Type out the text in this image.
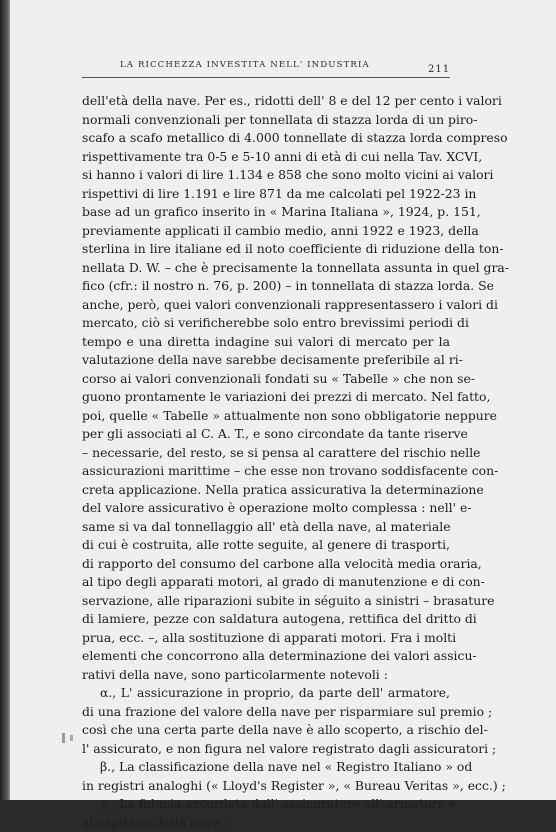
LA RICCHEZZA INVESTITA NELL' INDUSTRIA	211
dell'età della nave. Per es., ridotti dell' 8 e del 12 per cento i valori
normali convenzionali per tonnellata di stazza lorda di un piro-
scafo a scafo metallico di 4.000 tonnellate di stazza lorda compreso
rispettivamente tra 0-5 e 5-10 anni di età di cui nella Tav. XCVI,
si hanno i valori di lire 1.134 e 858 che sono molto vicini ai valori
rispettivi di lire 1.191 e lire 871 da me calcolati pel 1922-23 in
base ad un grafico inserito in « Marina Italiana », 1924, p. 151,
previamente applicati il cambio medio, anni 1922 e 1923, della
sterlina in lire italiane ed il noto coefficiente di riduzione della ton-
nellata D. W. – che è precisamente la tonnellata assunta in quel gra-
fico (cfr.: il nostro n. 76, p. 200) – in tonnellata di stazza lorda. Se
anche, però, quei valori convenzionali rappresentassero i valori di
mercato, ciò si verificherebbe solo entro brevissimi periodi di
tempo e una diretta indagine sui valori di mercato per la
valutazione della nave sarebbe decisamente preferibile al ri-
corso ai valori convenzionali fondati su « Tabelle » che non se-
guono prontamente le variazioni dei prezzi di mercato. Nel fatto,
poi, quelle « Tabelle » attualmente non sono obbligatorie neppure
per gli associati al C. A. T., e sono circondate da tante riserve
– necessarie, del resto, se si pensa al carattere del rischio nelle
assicurazioni marittime – che esse non trovano soddisfacente con-
creta applicazione. Nella pratica assicurativa la determinazione
del valore assicurativo è operazione molto complessa : nell' e-
same si va dal tonnellaggio all' età della nave, al materiale
di cui è costruita, alle rotte seguite, al genere di trasporti,
di rapporto del consumo del carbone alla velocità media oraria,
al tipo degli apparati motori, al grado di manutenzione e di con-
servazione, alle riparazioni subite in séguito a sinistri – brasature
di lamiere, pezze con saldatura autogena, rettifica del dritto di
prua, ecc. –, alla sostituzione di apparati motori. Fra i molti
elementi che concorrono alla determinazione dei valori assicu-
rativi della nave, sono particolarmente notevoli :
α., L' assicurazione in proprio, da parte dell' armatore,
di una frazione del valore della nave per risparmiare sul premio ;
così che una certa parte della nave è allo scoperto, a rischio del-
l' assicurato, e non figura nel valore registrato dagli assicuratori ;
β., La classificazione della nave nel « Registro Italiano » od
in registri analoghi (« Lloyd's Register », « Bureau Veritas », ecc.) ;
γ., La fiducia accordata dall' assicuratore all' armatore e
al capitano della nave ;
